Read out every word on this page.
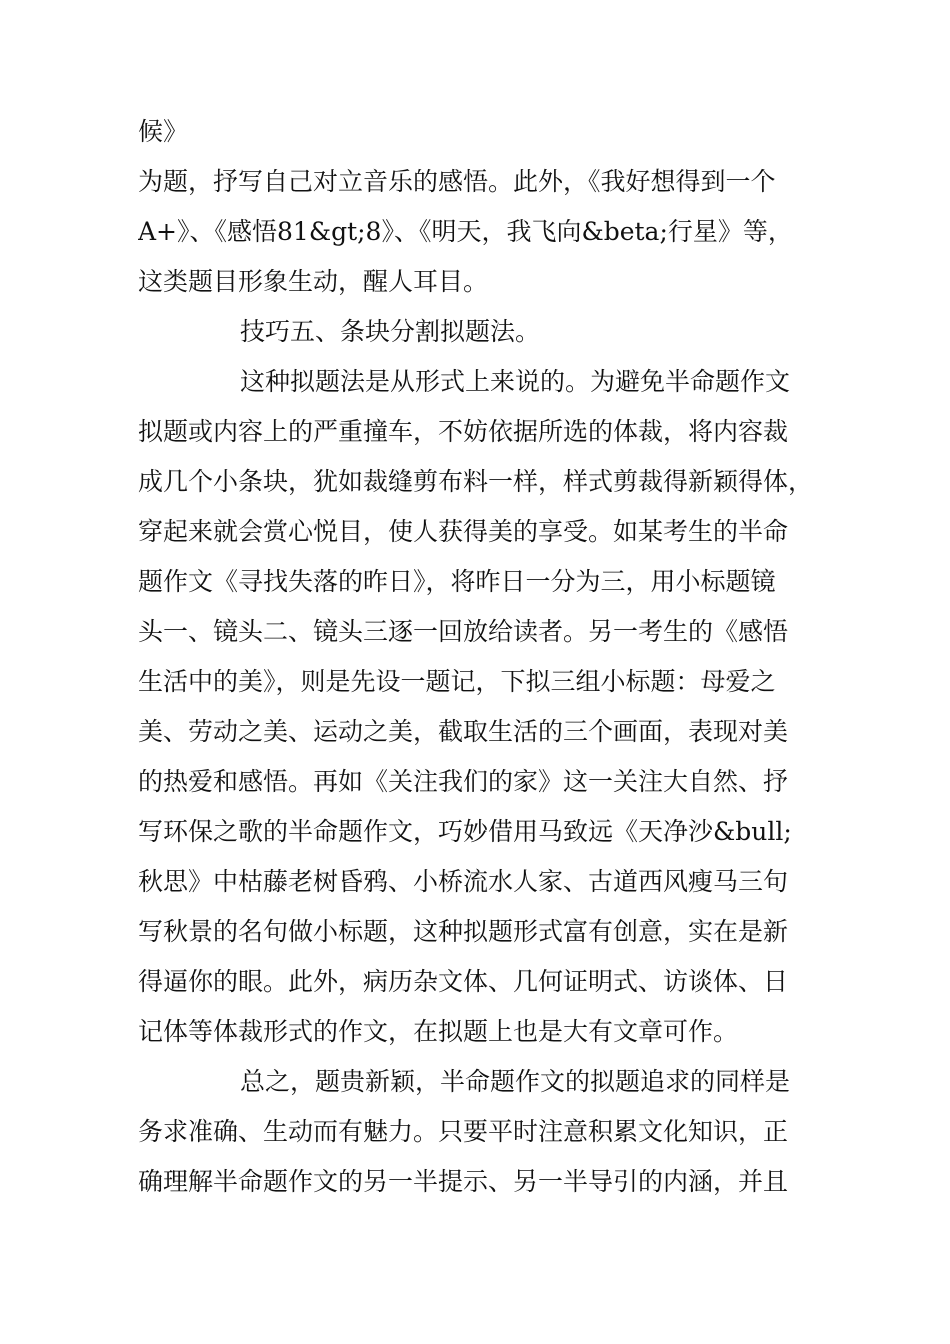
候》
为题，抒写自己对立音乐的感悟。此外，《我好想得到一个
A+》、《感悟81&gt;8》、《明天，我飞向&beta;行星》等，
这类题目形象生动，醒人耳目。
技巧五、条块分割拟题法。
这种拟题法是从形式上来说的。为避免半命题作文
拟题或内容上的严重撞车，不妨依据所选的体裁，将内容裁
成几个小条块，犹如裁缝剪布料一样，样式剪裁得新颖得体，
穿起来就会赏心悦目，使人获得美的享受。如某考生的半命
题作文《寻找失落的昨日》，将昨日一分为三，用小标题镜
头一、镜头二、镜头三逐一回放给读者。另一考生的《感悟
生活中的美》，则是先设一题记，下拟三组小标题：母爱之
美、劳动之美、运动之美，截取生活的三个画面，表现对美
的热爱和感悟。再如《关注我们的家》这一关注大自然、抒
写环保之歌的半命题作文，巧妙借用马致远《天净沙&bull;
秋思》中枯藤老树昏鸦、小桥流水人家、古道西风瘦马三句
写秋景的名句做小标题，这种拟题形式富有创意，实在是新
得逼你的眼。此外，病历杂文体、几何证明式、访谈体、日
记体等体裁形式的作文，在拟题上也是大有文章可作。
总之，题贵新颖，半命题作文的拟题追求的同样是
务求准确、生动而有魅力。只要平时注意积累文化知识，正
确理解半命题作文的另一半提示、另一半导引的内涵，并且
